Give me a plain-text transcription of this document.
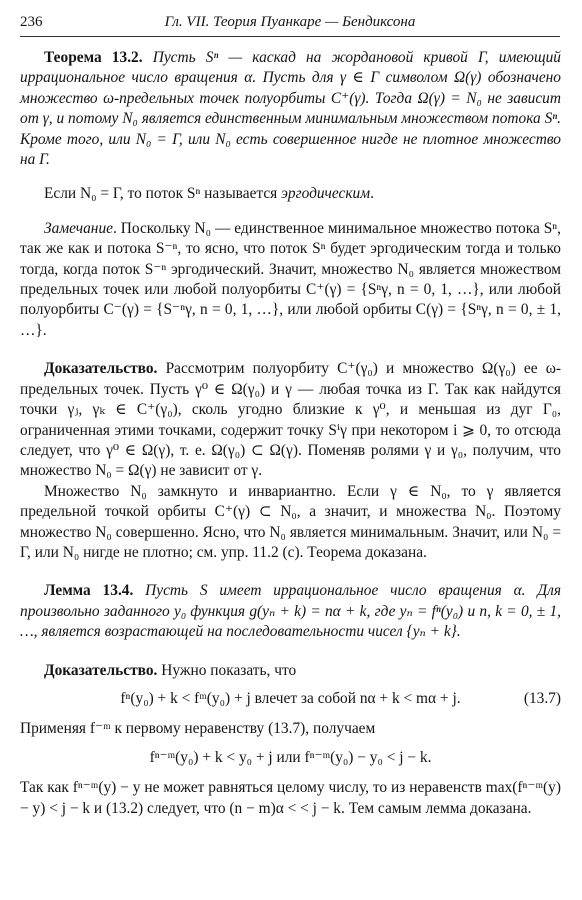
236	Гл. VII. Теория Пуанкаре — Бендиксона

Теорема 13.2. Пусть Sⁿ — каскад на жордановой кривой Γ, имеющий иррациональное число вращения α. Пусть для γ ∈ Γ символом Ω(γ) обозначено множество ω-предельных точек полуорбиты C⁺(γ). Тогда Ω(γ) = N₀ не зависит от γ, и потому N₀ является единственным минимальным множеством потока Sⁿ. Кроме того, или N₀ = Γ, или N₀ есть совершенное нигде не плотное множество на Γ.

Если N₀ = Γ, то поток Sⁿ называется эргодическим.

Замечание. Поскольку N₀ — единственное минимальное множество потока Sⁿ, так же как и потока S⁻ⁿ, то ясно, что поток Sⁿ будет эргодическим тогда и только тогда, когда поток S⁻ⁿ эргодический. Значит, множество N₀ является множеством предельных точек или любой полуорбиты C⁺(γ) = {Sⁿγ, n = 0, 1, …}, или любой полуорбиты C⁻(γ) = {S⁻ⁿγ, n = 0, 1, …}, или любой орбиты C(γ) = {Sⁿγ, n = 0, ± 1, …}.

Доказательство. Рассмотрим полуорбиту C⁺(γ₀) и множество Ω(γ₀) ее ω-предельных точек. Пусть γ⁰ ∈ Ω(γ₀) и γ — любая точка из Γ. Так как найдутся точки γⱼ, γₖ ∈ C⁺(γ₀), сколь угодно близкие к γ⁰, и меньшая из дуг Γ₀, ограниченная этими точками, содержит точку Sⁱγ при некотором i ⩾ 0, то отсюда следует, что γ⁰ ∈ Ω(γ), т. е. Ω(γ₀) ⊂ Ω(γ). Поменяв ролями γ и γ₀, получим, что множество N₀ = Ω(γ) не зависит от γ.

Множество N₀ замкнуто и инвариантно. Если γ ∈ N₀, то γ является предельной точкой орбиты C⁺(γ) ⊂ N₀, а значит, и множества N₀. Поэтому множество N₀ совершенно. Ясно, что N₀ является минимальным. Значит, или N₀ = Γ, или N₀ нигде не плотно; см. упр. 11.2 (с). Теорема доказана.

Лемма 13.4. Пусть S имеет иррациональное число вращения α. Для произвольно заданного y₀ функция g(yₙ + k) = nα + k, где yₙ = fⁿ(y₀) и n, k = 0, ± 1, …, является возрастающей на последовательности чисел {yₙ + k}.

Доказательство. Нужно показать, что

fⁿ(y₀) + k < fᵐ(y₀) + j влечет за собой nα + k < mα + j.	(13.7)

Применяя f⁻ᵐ к первому неравенству (13.7), получаем

fⁿ⁻ᵐ(y₀) + k < y₀ + j или fⁿ⁻ᵐ(y₀) − y₀ < j − k.

Так как fⁿ⁻ᵐ(y) − y не может равняться целому числу, то из неравенств max(fⁿ⁻ᵐ(y) − y) < j − k и (13.2) следует, что (n − m)α < < j − k. Тем самым лемма доказана.
